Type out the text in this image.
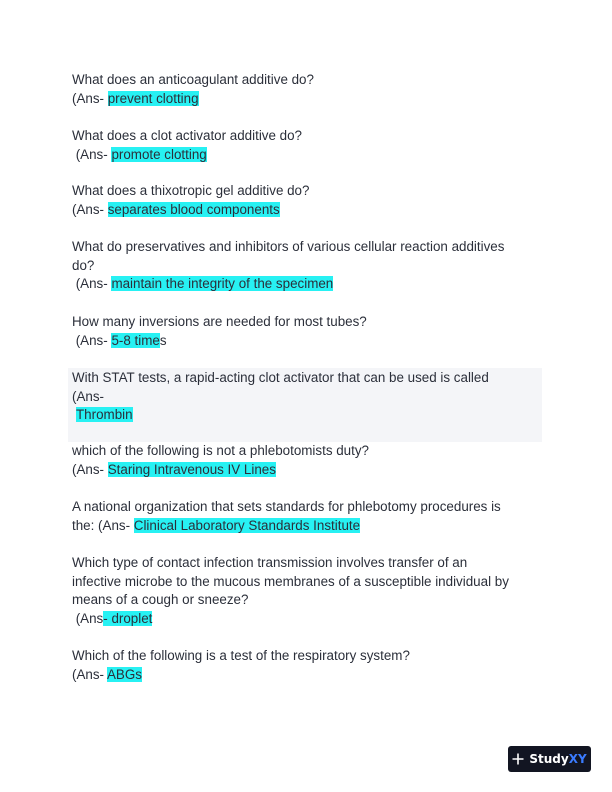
What does an anticoagulant additive do?
(Ans- prevent clotting
What does a clot activator additive do?
(Ans- promote clotting
What does a thixotropic gel additive do?
(Ans- separates blood components
What do preservatives and inhibitors of various cellular reaction additives
do?
(Ans- maintain the integrity of the specimen
How many inversions are needed for most tubes?
(Ans- 5-8 times
With STAT tests, a rapid-acting clot activator that can be used is called
(Ans-
Thrombin
which of the following is not a phlebotomists duty?
(Ans- Staring Intravenous IV Lines
A national organization that sets standards for phlebotomy procedures is
the: (Ans- Clinical Laboratory Standards Institute
Which type of contact infection transmission involves transfer of an
infective microbe to the mucous membranes of a susceptible individual by
means of a cough or sneeze?
(Ans- droplet
Which of the following is a test of the respiratory system?
(Ans- ABGs
Study XY
